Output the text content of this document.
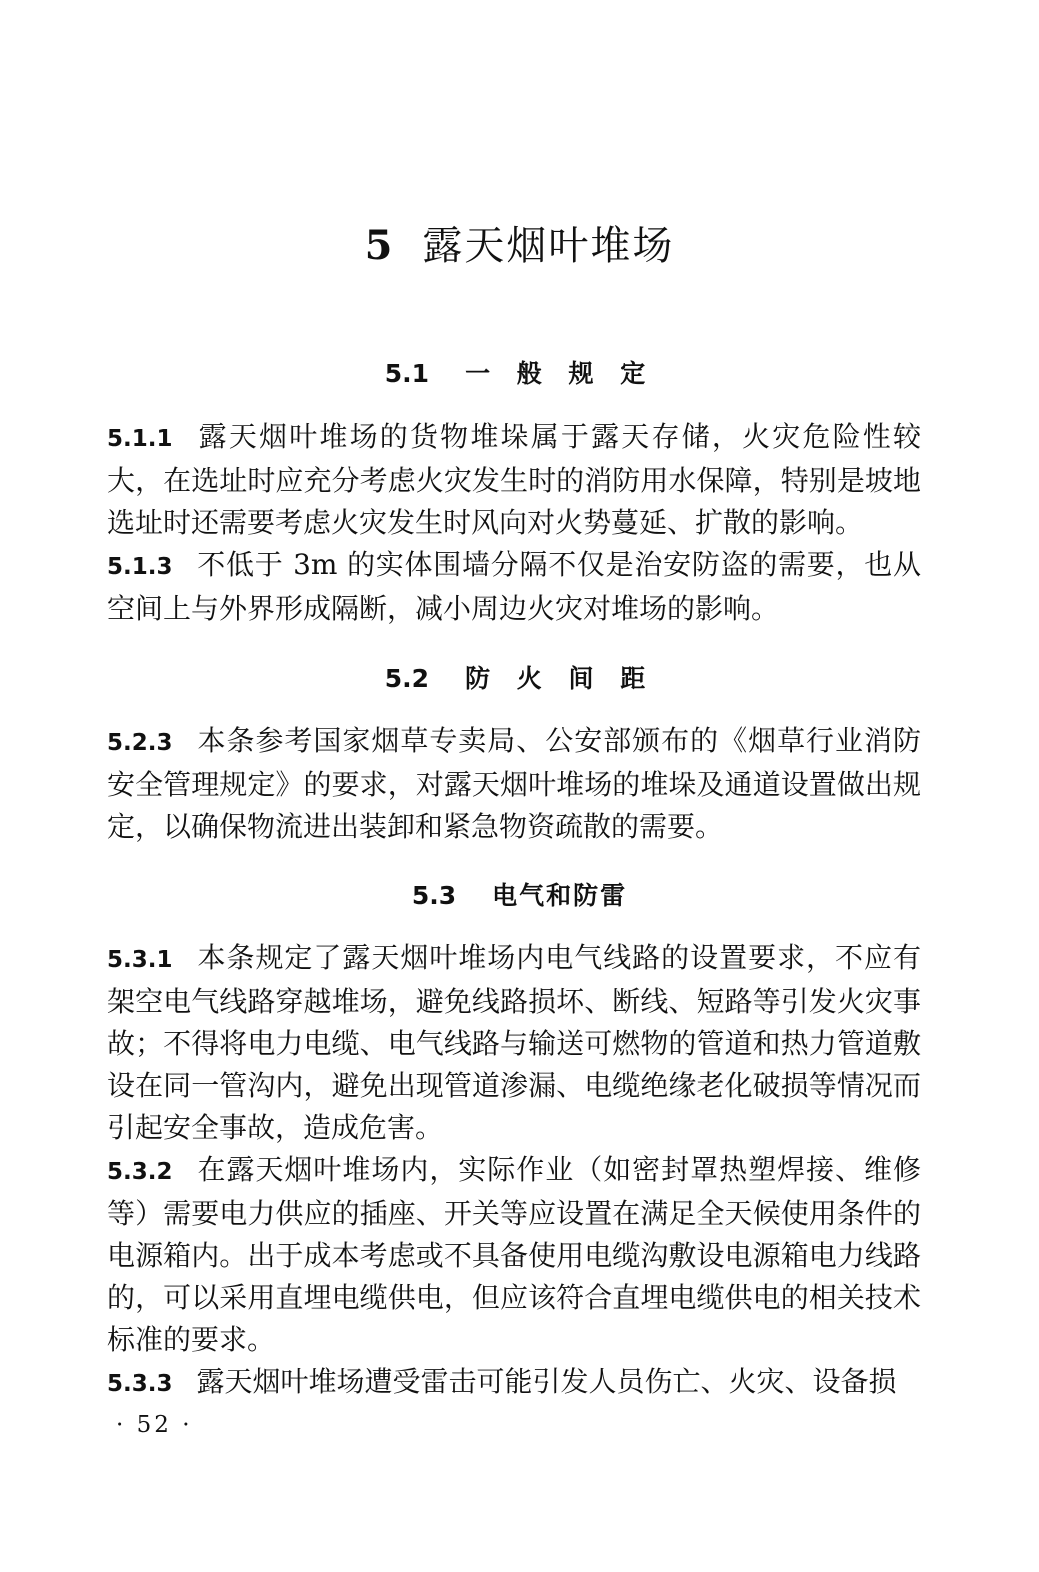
5 露天烟叶堆场
5.1 一 般 规 定

5.1.1 露天烟叶堆场的货物堆垛属于露天存储，火灾危险性较大，在选址时应充分考虑火灾发生时的消防用水保障，特别是坡地选址时还需要考虑火灾发生时风向对火势蔓延、扩散的影响。

5.1.3 不低于 3m 的实体围墙分隔不仅是治安防盗的需要，也从空间上与外界形成隔断，减小周边火灾对堆场的影响。

5.2 防 火 间 距

5.2.3 本条参考国家烟草专卖局、公安部颁布的《烟草行业消防安全管理规定》的要求，对露天烟叶堆场的堆垛及通道设置做出规定，以确保物流进出装卸和紧急物资疏散的需要。

5.3 电气和防雷

5.3.1 本条规定了露天烟叶堆场内电气线路的设置要求，不应有架空电气线路穿越堆场，避免线路损坏、断线、短路等引发火灾事故；不得将电力电缆、电气线路与输送可燃物的管道和热力管道敷设在同一管沟内，避免出现管道渗漏、电缆绝缘老化破损等情况而引起安全事故，造成危害。

5.3.2 在露天烟叶堆场内，实际作业（如密封罩热塑焊接、维修等）需要电力供应的插座、开关等应设置在满足全天候使用条件的电源箱内。出于成本考虑或不具备使用电缆沟敷设电源箱电力线路的，可以采用直埋电缆供电，但应该符合直埋电缆供电的相关技术标准的要求。

5.3.3 露天烟叶堆场遭受雷击可能引发人员伤亡、火灾、设备损

· 52 ·
